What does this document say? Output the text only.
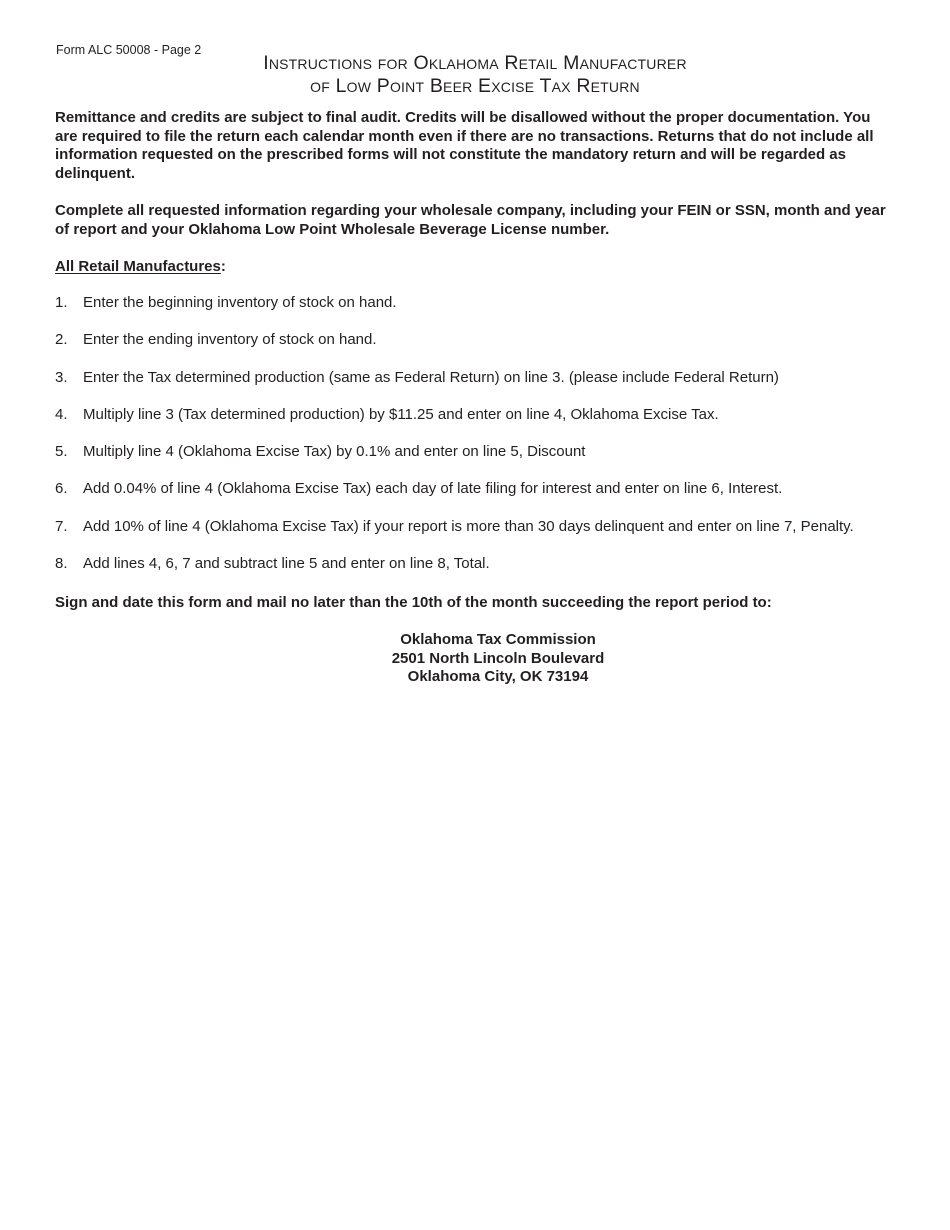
Form ALC 50008 - Page 2
Instructions for Oklahoma Retail Manufacturer
of Low Point Beer Excise Tax Return
Remittance and credits are subject to final audit. Credits will be disallowed without the proper documentation. You are required to file the return each calendar month even if there are no transactions. Returns that do not include all information requested on the prescribed forms will not constitute the mandatory return and will be regarded as delinquent.
Complete all requested information regarding your wholesale company, including your FEIN or SSN, month and year of report and your Oklahoma Low Point Wholesale Beverage License number.
All Retail Manufactures:
1. Enter the beginning inventory of stock on hand.
2. Enter the ending inventory of stock on hand.
3. Enter the Tax determined production (same as Federal Return) on line 3. (please include Federal Return)
4. Multiply line 3 (Tax determined production) by $11.25 and enter on line 4, Oklahoma Excise Tax.
5. Multiply line 4 (Oklahoma Excise Tax) by 0.1% and enter on line 5, Discount
6. Add 0.04% of line 4 (Oklahoma Excise Tax) each day of late filing for interest and enter on line 6, Interest.
7. Add 10% of line 4 (Oklahoma Excise Tax) if your report is more than 30 days delinquent and enter on line 7, Penalty.
8. Add lines 4, 6, 7 and subtract line 5 and enter on line 8, Total.
Sign and date this form and mail no later than the 10th of the month succeeding the report period to:
Oklahoma Tax Commission
2501 North Lincoln Boulevard
Oklahoma City, OK 73194
